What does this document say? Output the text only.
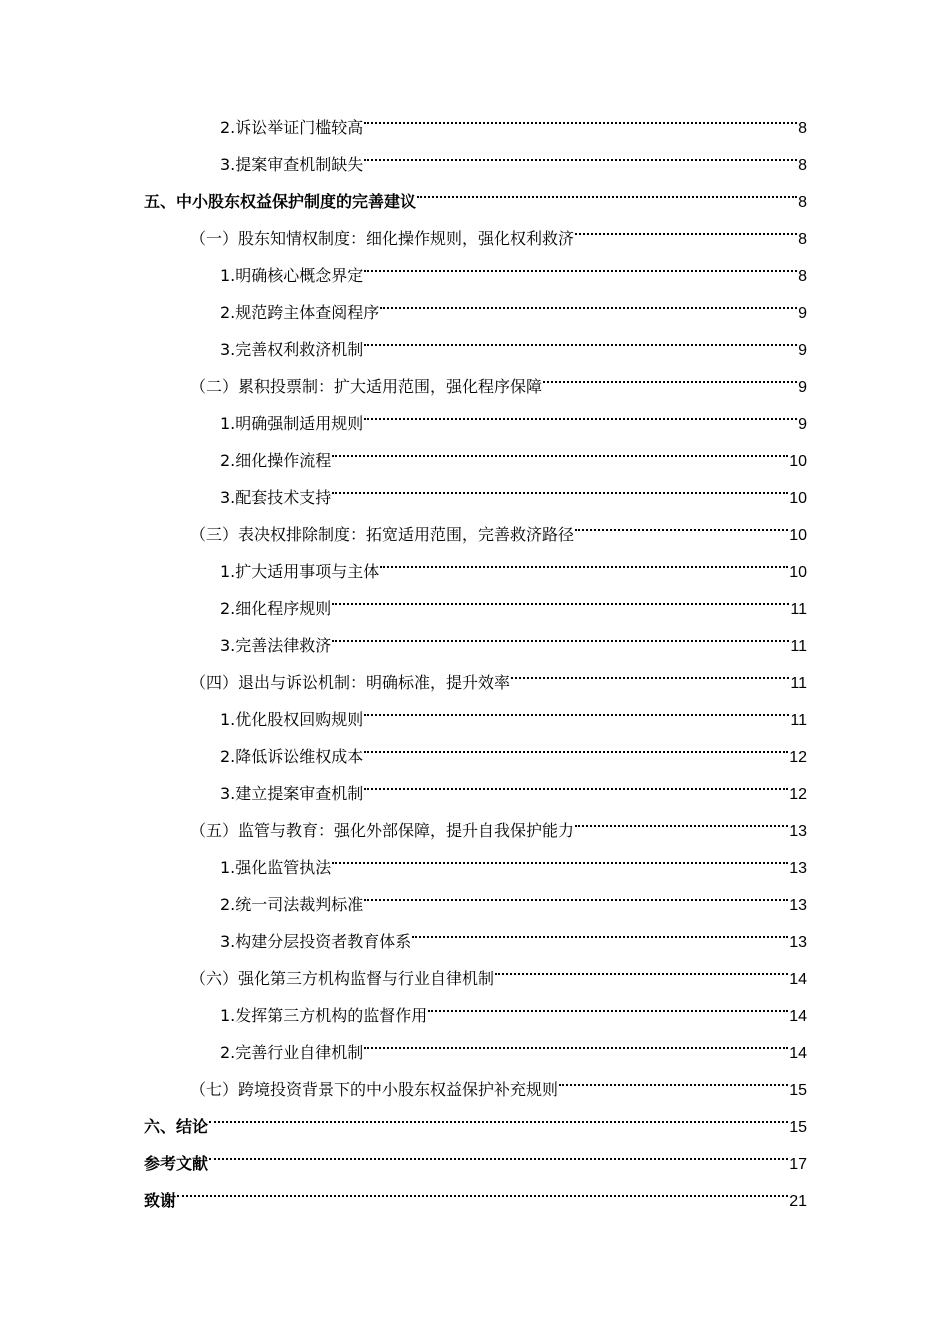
2.诉讼举证门槛较高	8
3.提案审查机制缺失	8
五、中小股东权益保护制度的完善建议	8
（一）股东知情权制度：细化操作规则，强化权利救济	8
1.明确核心概念界定	8
2.规范跨主体查阅程序	9
3.完善权利救济机制	9
（二）累积投票制：扩大适用范围，强化程序保障	9
1.明确强制适用规则	9
2.细化操作流程	10
3.配套技术支持	10
（三）表决权排除制度：拓宽适用范围，完善救济路径	10
1.扩大适用事项与主体	10
2.细化程序规则	11
3.完善法律救济	11
（四）退出与诉讼机制：明确标准，提升效率	11
1.优化股权回购规则	11
2.降低诉讼维权成本	12
3.建立提案审查机制	12
（五）监管与教育：强化外部保障，提升自我保护能力	13
1.强化监管执法	13
2.统一司法裁判标准	13
3.构建分层投资者教育体系	13
（六）强化第三方机构监督与行业自律机制	14
1.发挥第三方机构的监督作用	14
2.完善行业自律机制	14
（七）跨境投资背景下的中小股东权益保护补充规则	15
六、结论	15
参考文献	17
致谢	21
